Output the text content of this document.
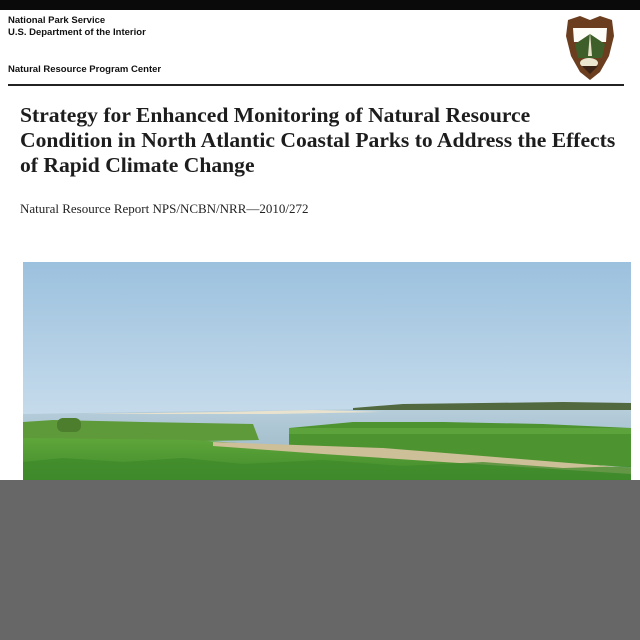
National Park Service
U.S. Department of the Interior
Natural Resource Program Center
Strategy for Enhanced Monitoring of Natural Resource Condition in North Atlantic Coastal Parks to Address the Effects of Rapid Climate Change
Natural Resource Report NPS/NCBN/NRR—2010/272
